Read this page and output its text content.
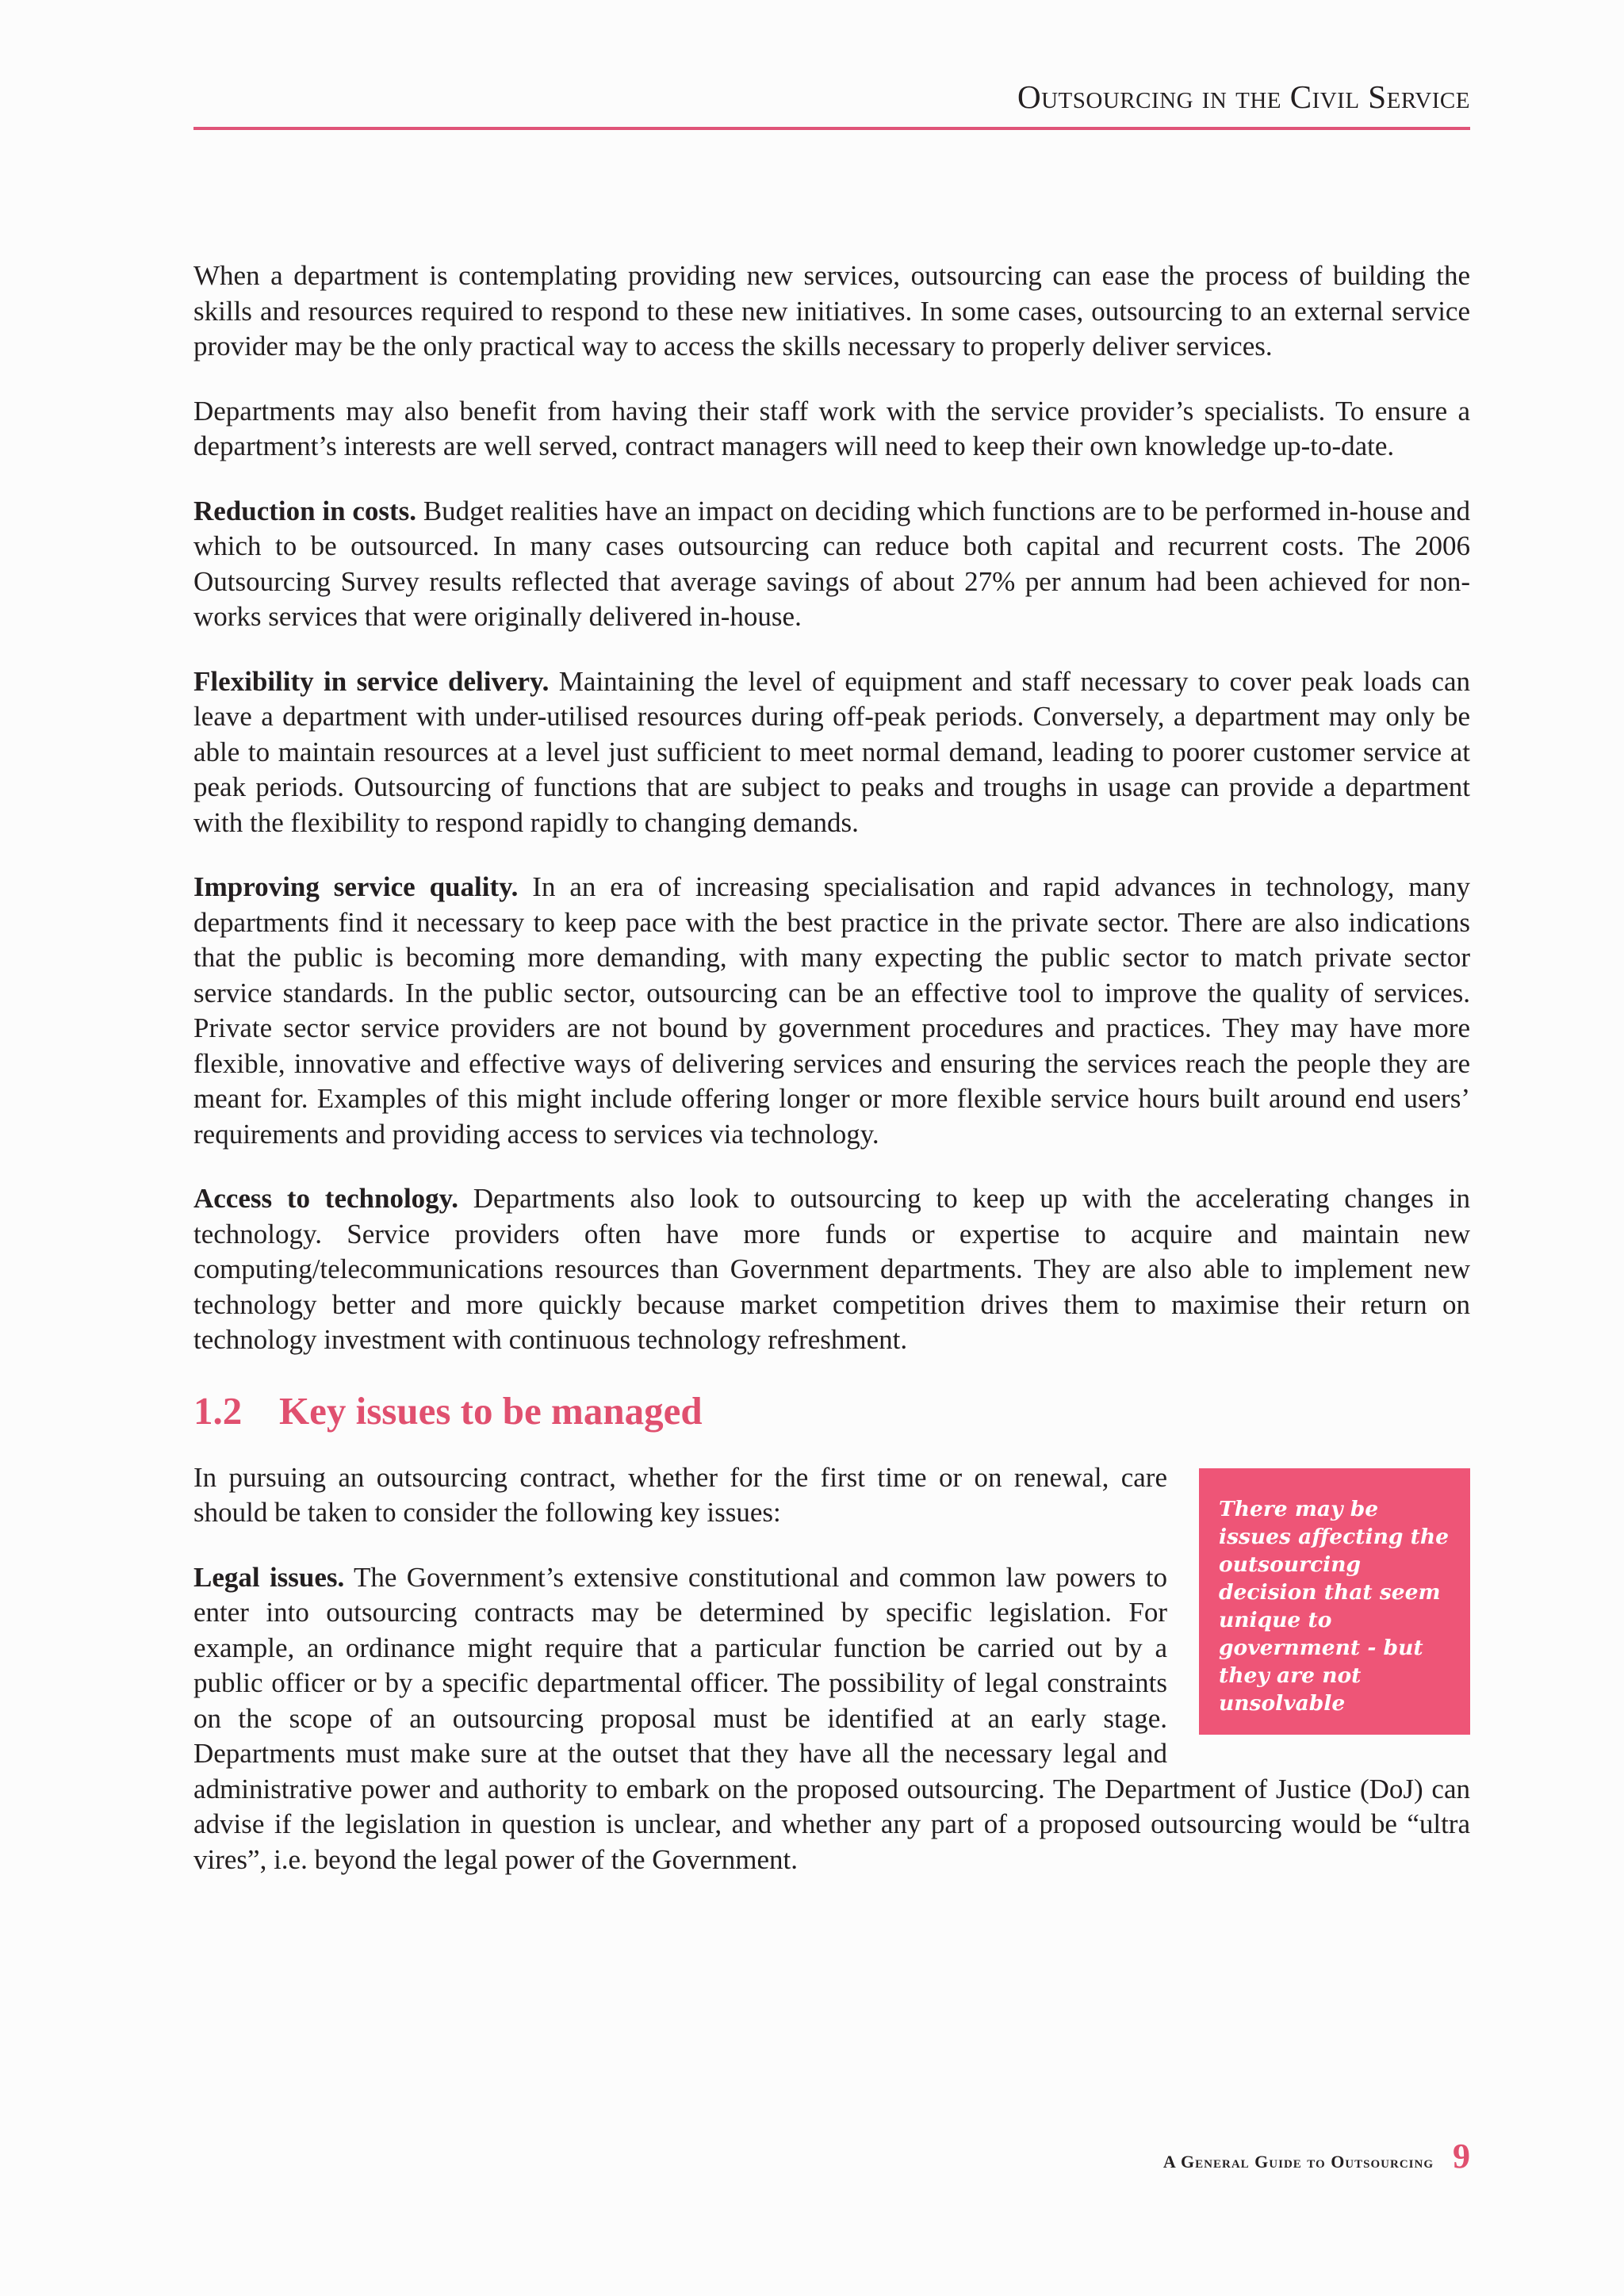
Outsourcing in the Civil Service

When a department is contemplating providing new services, outsourcing can ease the process of building the skills and resources required to respond to these new initiatives. In some cases, outsourcing to an external service provider may be the only practical way to access the skills necessary to properly deliver services.

Departments may also benefit from having their staff work with the service provider’s specialists. To ensure a department’s interests are well served, contract managers will need to keep their own knowledge up-to-date.

Reduction in costs. Budget realities have an impact on deciding which functions are to be performed in-house and which to be outsourced. In many cases outsourcing can reduce both capital and recurrent costs. The 2006 Outsourcing Survey results reflected that average savings of about 27% per annum had been achieved for non-works services that were originally delivered in-house.

Flexibility in service delivery. Maintaining the level of equipment and staff necessary to cover peak loads can leave a department with under-utilised resources during off-peak periods. Conversely, a department may only be able to maintain resources at a level just sufficient to meet normal demand, leading to poorer customer service at peak periods. Outsourcing of functions that are subject to peaks and troughs in usage can provide a department with the flexibility to respond rapidly to changing demands.

Improving service quality. In an era of increasing specialisation and rapid advances in technology, many departments find it necessary to keep pace with the best practice in the private sector. There are also indications that the public is becoming more demanding, with many expecting the public sector to match private sector service standards. In the public sector, outsourcing can be an effective tool to improve the quality of services. Private sector service providers are not bound by government procedures and practices. They may have more flexible, innovative and effective ways of delivering services and ensuring the services reach the people they are meant for. Examples of this might include offering longer or more flexible service hours built around end users’ requirements and providing access to services via technology.

Access to technology. Departments also look to outsourcing to keep up with the accelerating changes in technology. Service providers often have more funds or expertise to acquire and maintain new computing/telecommunications resources than Government departments. They are also able to implement new technology better and more quickly because market competition drives them to maximise their return on technology investment with continuous technology refreshment.

1.2 Key issues to be managed
There may be issues affecting the outsourcing decision that seem unique to government - but they are not unsolvable

In pursuing an outsourcing contract, whether for the first time or on renewal, care should be taken to consider the following key issues:

Legal issues. The Government’s extensive constitutional and common law powers to enter into outsourcing contracts may be determined by specific legislation. For example, an ordinance might require that a particular function be carried out by a public officer or by a specific departmental officer. The possibility of legal constraints on the scope of an outsourcing proposal must be identified at an early stage. Departments must make sure at the outset that they have all the necessary legal and administrative power and authority to embark on the proposed outsourcing. The Department of Justice (DoJ) can advise if the legislation in question is unclear, and whether any part of a proposed outsourcing would be “ultra vires”, i.e. beyond the legal power of the Government.

A General Guide to Outsourcing 9
